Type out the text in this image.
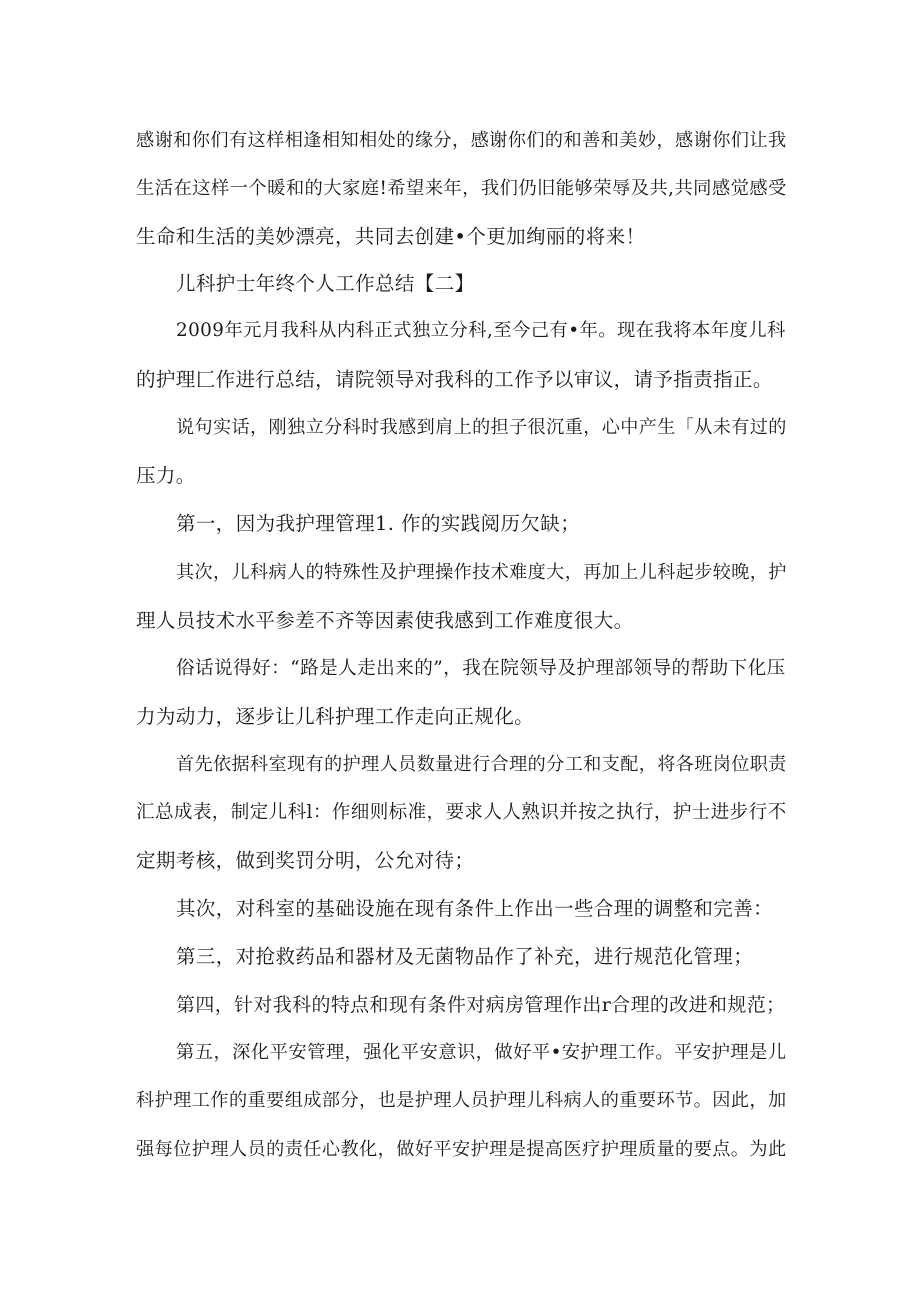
感谢和你们有这样相逢相知相处的缘分，感谢你们的和善和美妙，感谢你们让我
生活在这样一个暖和的大家庭!希望来年，我们仍旧能够荣辱及共,共同感觉感受
生命和生活的美妙漂亮，共同去创建•个更加绚丽的将来！
儿科护士年终个人工作总结【二】
2009年元月我科从内科正式独立分科,至今己有•年。现在我将本年度儿科
的护理匚作进行总结，请院领导对我科的工作予以审议，请予指责指正。
说句实话，刚独立分科时我感到肩上的担子很沉重，心中产生「从未有过的
压力。
第一，因为我护理管理1. 作的实践阅历欠缺；
其次，儿科病人的特殊性及护理操作技术难度大，再加上儿科起步较晚，护
理人员技术水平参差不齐等因素使我感到工作难度很大。
俗话说得好：“路是人走出来的”，我在院领导及护理部领导的帮助下化压
力为动力，逐步让儿科护理工作走向正规化。
首先依据科室现有的护理人员数量进行合理的分工和支配，将各班岗位职责
汇总成表，制定儿科l：作细则标准，要求人人熟识并按之执行，护士进步行不
定期考核，做到奖罚分明，公允对待；
其次，对科室的基础设施在现有条件上作出一些合理的调整和完善：
第三，对抢救药品和器材及无菌物品作了补充，进行规范化管理；
第四，针对我科的特点和现有条件对病房管理作出r合理的改进和规范；
第五，深化平安管理，强化平安意识，做好平•安护理工作。平安护理是儿
科护理工作的重要组成部分，也是护理人员护理儿科病人的重要环节。因此，加
强每位护理人员的责任心教化，做好平安护理是提高医疗护理质量的要点。为此
